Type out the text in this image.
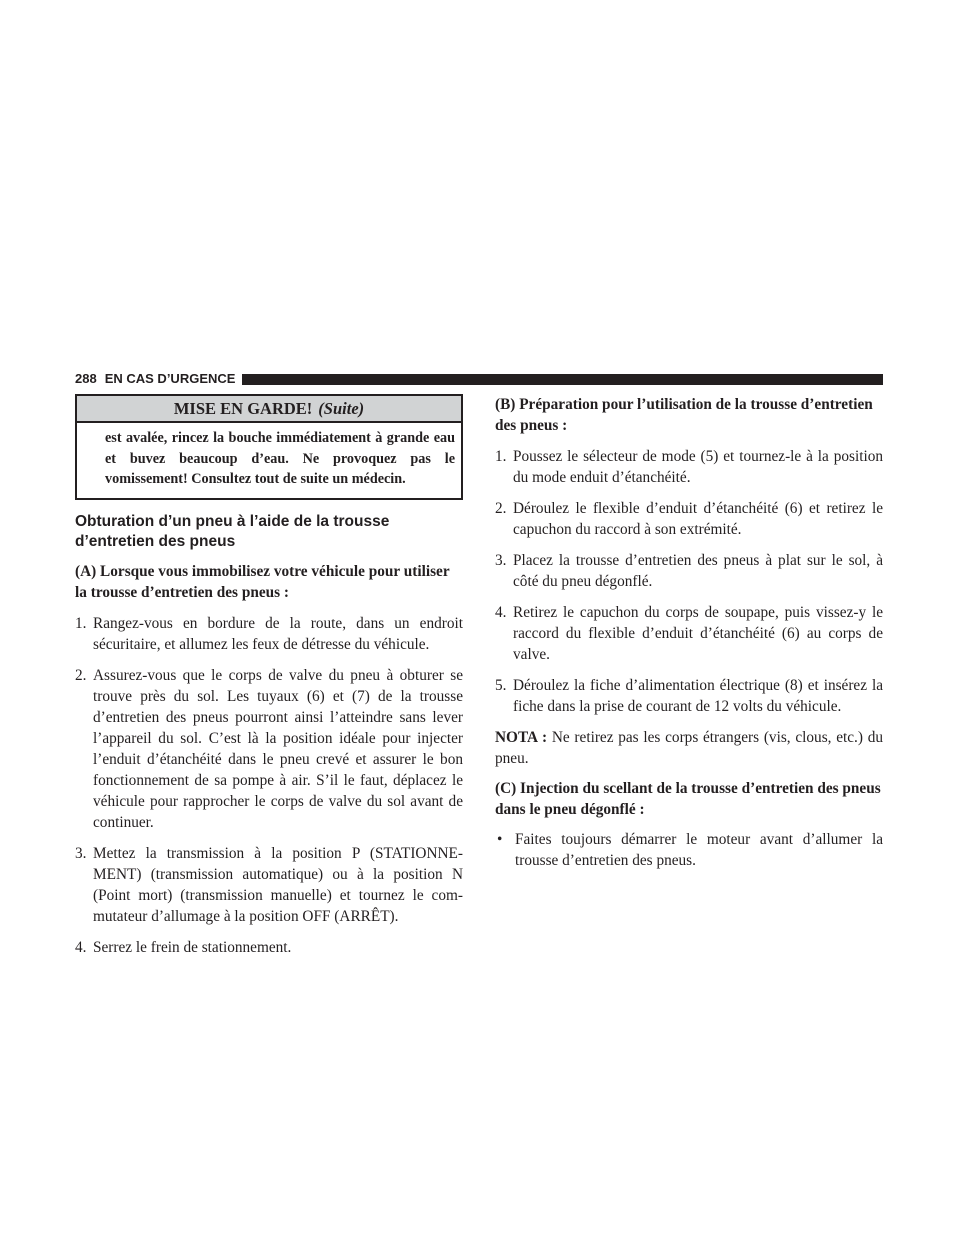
288 EN CAS D’URGENCE
MISE EN GARDE! (Suite)
est avalée, rincez la bouche immédiatement à grande eau et buvez beaucoup d’eau. Ne provoquez pas le vomissement! Consultez tout de suite un médecin.
Obturation d’un pneu à l’aide de la trousse d’entretien des pneus
(A) Lorsque vous immobilisez votre véhicule pour utiliser la trousse d’entretien des pneus :
1. Rangez-vous en bordure de la route, dans un endroit sécuritaire, et allumez les feux de détresse du véhicule.
2. Assurez-vous que le corps de valve du pneu à obturer se trouve près du sol. Les tuyaux (6) et (7) de la trousse d’entretien des pneus pourront ainsi l’atteindre sans lever l’appareil du sol. C’est là la position idéale pour injecter l’enduit d’étanchéité dans le pneu crevé et assurer le bon fonctionnement de sa pompe à air. S’il le faut, déplacez le véhicule pour rapprocher le corps de valve du sol avant de continuer.
3. Mettez la transmission à la position P (STATIONNE- MENT) (transmission automatique) ou à la position N (Point mort) (transmission manuelle) et tournez le com- mutateur d’allumage à la position OFF (ARRÊT).
4. Serrez le frein de stationnement.
(B) Préparation pour l’utilisation de la trousse d’entretien des pneus :
1. Poussez le sélecteur de mode (5) et tournez-le à la position du mode enduit d’étanchéité.
2. Déroulez le flexible d’enduit d’étanchéité (6) et retirez le capuchon du raccord à son extrémité.
3. Placez la trousse d’entretien des pneus à plat sur le sol, à côté du pneu dégonflé.
4. Retirez le capuchon du corps de soupape, puis vissez-y le raccord du flexible d’enduit d’étanchéité (6) au corps de valve.
5. Déroulez la fiche d’alimentation électrique (8) et insérez la fiche dans la prise de courant de 12 volts du véhicule.
NOTA : Ne retirez pas les corps étrangers (vis, clous, etc.) du pneu.
(C) Injection du scellant de la trousse d’entretien des pneus dans le pneu dégonflé :
• Faites toujours démarrer le moteur avant d’allumer la trousse d’entretien des pneus.
